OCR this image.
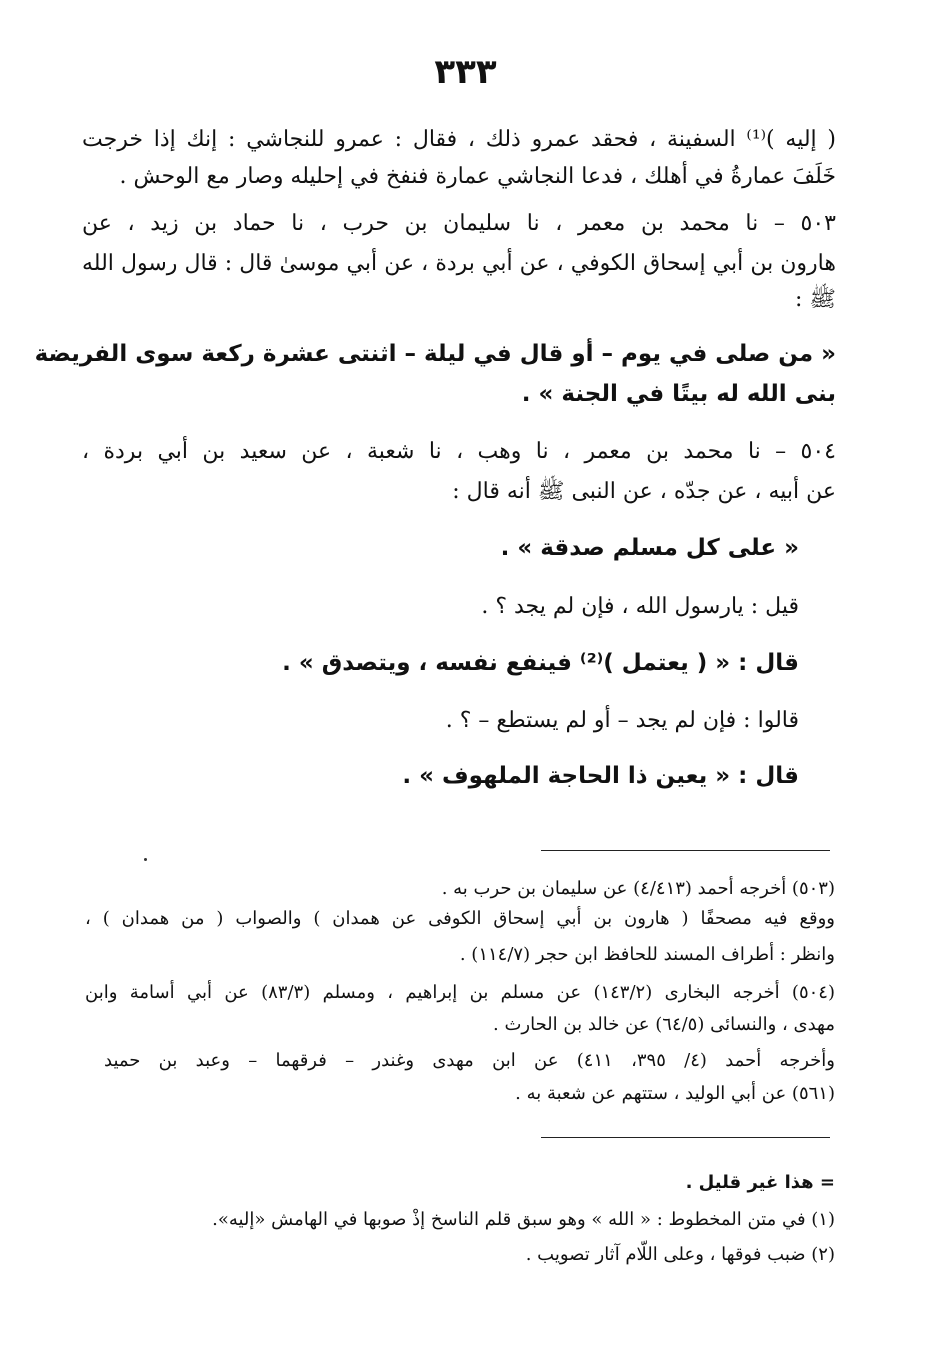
٣٣٣
( إليه )⁽¹⁾ السفينة ، فحقد عمرو ذلك ، فقال : عمرو للنجاشي : إنك إذا خرجت
خَلَفَ عمارةُ في أهلك ، فدعا النجاشي عمارة فنفخ في إحليله وصار مع الوحش .
٥٠٣ – نا محمد بن معمر ، نا سليمان بن حرب ، نا حماد بن زيد ، عن
هارون بن أبي إسحاق الكوفي ، عن أبي بردة ، عن أبي موسىٰ قال : قال رسول الله
ﷺ :
« من صلى في يوم – أو قال في ليلة – اثنتى عشرة ركعة سوى الفريضة
بنى الله له بيتًا في الجنة » .
٥٠٤ – نا محمد بن معمر ، نا وهب ، نا شعبة ، عن سعيد بن أبي بردة ،
عن أبيه ، عن جدّه ، عن النبى ﷺ أنه قال :
« على كل مسلم صدقة » .
قيل : يارسول الله ، فإن لم يجد ؟ .
قال : « ( يعتمل )⁽²⁾ فينفع نفسه ، ويتصدق » .
قالوا : فإن لم يجد – أو لم يستطع – ؟ .
قال : « يعين ذا الحاجة الملهوف » .
(٥٠٣) أخرجه أحمد (٤/٤١٣) عن سليمان بن حرب به .
ووقع فيه مصحفًا ( هارون بن أبي إسحاق الكوفى عن همدان ) والصواب ( من همدان ) ،
وانظر : أطراف المسند للحافظ ابن حجر (١١٤/٧) .
(٥٠٤) أخرجه البخارى (١٤٣/٢) عن مسلم بن إبراهيم ، ومسلم (٨٣/٣) عن أبي أسامة وابن
مهدى ، والنسائى (٦٤/٥) عن خالد بن الحارث .
وأخرجه أحمد (٤/ ٣٩٥، ٤١١) عن ابن مهدى وغندر – فرقهما – وعبد بن حميد
(٥٦١) عن أبي الوليد ، ستتهم عن شعبة به .
= هذا غير قليل .
(١) في متن المخطوط : « الله » وهو سبق قلم الناسخ إذْ صوبها في الهامش «إليه».
(٢) ضبب فوقها ، وعلى اللّام آثار تصويب .
